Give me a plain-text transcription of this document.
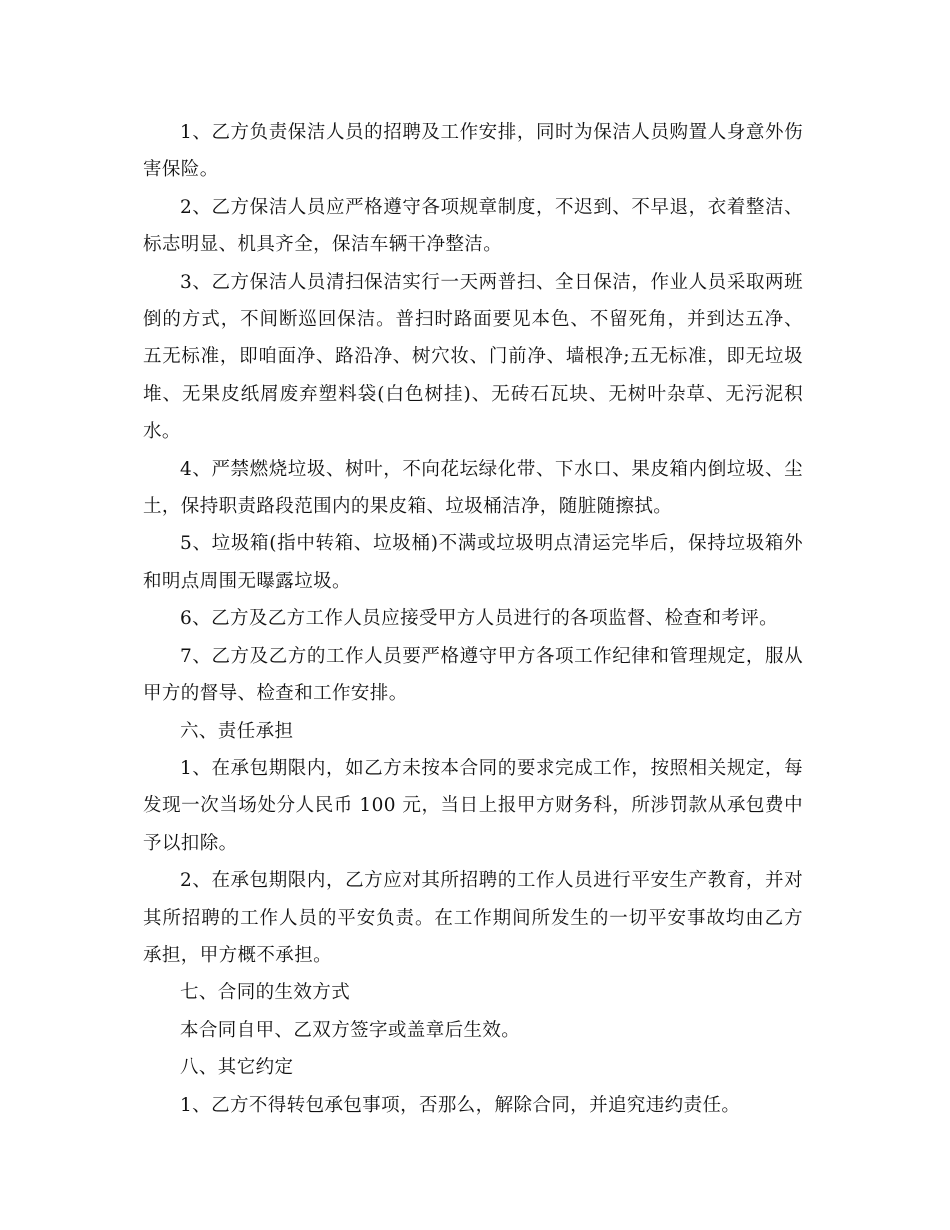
1、乙方负责保洁人员的招聘及工作安排，同时为保洁人员购置人身意外伤害保险。

2、乙方保洁人员应严格遵守各项规章制度，不迟到、不早退，衣着整洁、标志明显、机具齐全，保洁车辆干净整洁。

3、乙方保洁人员清扫保洁实行一天两普扫、全日保洁，作业人员采取两班倒的方式，不间断巡回保洁。普扫时路面要见本色、不留死角，并到达五净、五无标准，即咱面净、路沿净、树穴妆、门前净、墙根净;五无标准，即无垃圾堆、无果皮纸屑废弃塑料袋(白色树挂)、无砖石瓦块、无树叶杂草、无污泥积水。

4、严禁燃烧垃圾、树叶，不向花坛绿化带、下水口、果皮箱内倒垃圾、尘土，保持职责路段范围内的果皮箱、垃圾桶洁净，随脏随擦拭。

5、垃圾箱(指中转箱、垃圾桶)不满或垃圾明点清运完毕后，保持垃圾箱外和明点周围无曝露垃圾。

6、乙方及乙方工作人员应接受甲方人员进行的各项监督、检查和考评。

7、乙方及乙方的工作人员要严格遵守甲方各项工作纪律和管理规定，服从甲方的督导、检查和工作安排。

六、责任承担

1、在承包期限内，如乙方未按本合同的要求完成工作，按照相关规定，每发现一次当场处分人民币 100 元，当日上报甲方财务科，所涉罚款从承包费中予以扣除。

2、在承包期限内，乙方应对其所招聘的工作人员进行平安生产教育，并对其所招聘的工作人员的平安负责。在工作期间所发生的一切平安事故均由乙方承担，甲方概不承担。

七、合同的生效方式

本合同自甲、乙双方签字或盖章后生效。

八、其它约定

1、乙方不得转包承包事项，否那么，解除合同，并追究违约责任。
